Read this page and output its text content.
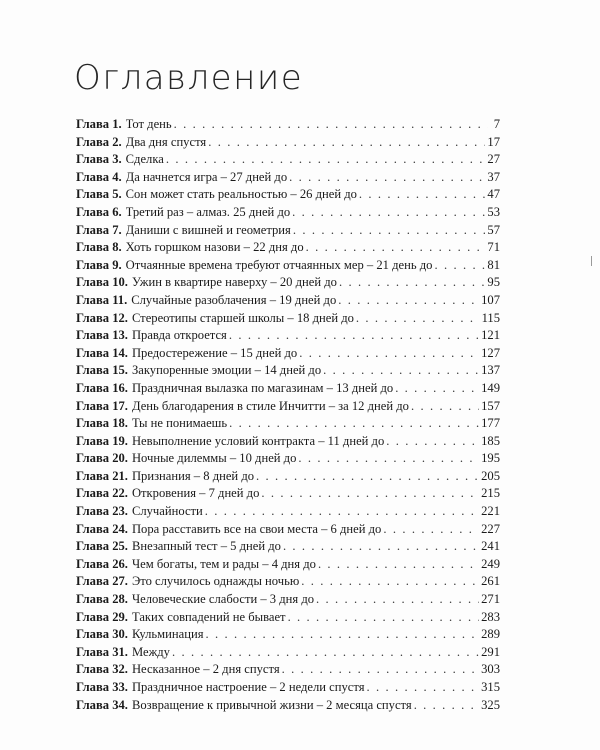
Оглавление
Глава 1. Тот день . . .	7
Глава 2. Два дня спустя . . .	17
Глава 3. Сделка . . .	27
Глава 4. Да начнется игра – 27 дней до . . .	37
Глава 5. Сон может стать реальностью – 26 дней до . . .	47
Глава 6. Третий раз – алмаз. 25 дней до . . .	53
Глава 7. Даниши с вишней и геометрия . . .	57
Глава 8. Хоть горшком назови – 22 дня до . . .	71
Глава 9. Отчаянные времена требуют отчаянных мер – 21 день до . . .	81
Глава 10. Ужин в квартире наверху – 20 дней до . . .	95
Глава 11. Случайные разоблачения – 19 дней до . . .	107
Глава 12. Стереотипы старшей школы – 18 дней до . . .	115
Глава 13. Правда откроется . . .	121
Глава 14. Предостережение – 15 дней до . . .	127
Глава 15. Закупоренные эмоции – 14 дней до . . .	137
Глава 16. Праздничная вылазка по магазинам – 13 дней до . . .	149
Глава 17. День благодарения в стиле Инчитти – за 12 дней до . . .	157
Глава 18. Ты не понимаешь . . .	177
Глава 19. Невыполнение условий контракта – 11 дней до . . .	185
Глава 20. Ночные дилеммы – 10 дней до . . .	195
Глава 21. Признания – 8 дней до . . .	205
Глава 22. Откровения – 7 дней до . . .	215
Глава 23. Случайности . . .	221
Глава 24. Пора расставить все на свои места – 6 дней до . . .	227
Глава 25. Внезапный тест – 5 дней до . . .	241
Глава 26. Чем богаты, тем и рады – 4 дня до . . .	249
Глава 27. Это случилось однажды ночью . . .	261
Глава 28. Человеческие слабости – 3 дня до . . .	271
Глава 29. Таких совпадений не бывает . . .	283
Глава 30. Кульминация . . .	289
Глава 31. Между . . .	291
Глава 32. Несказанное – 2 дня спустя . . .	303
Глава 33. Праздничное настроение – 2 недели спустя . . .	315
Глава 34. Возвращение к привычной жизни – 2 месяца спустя . . .	325
